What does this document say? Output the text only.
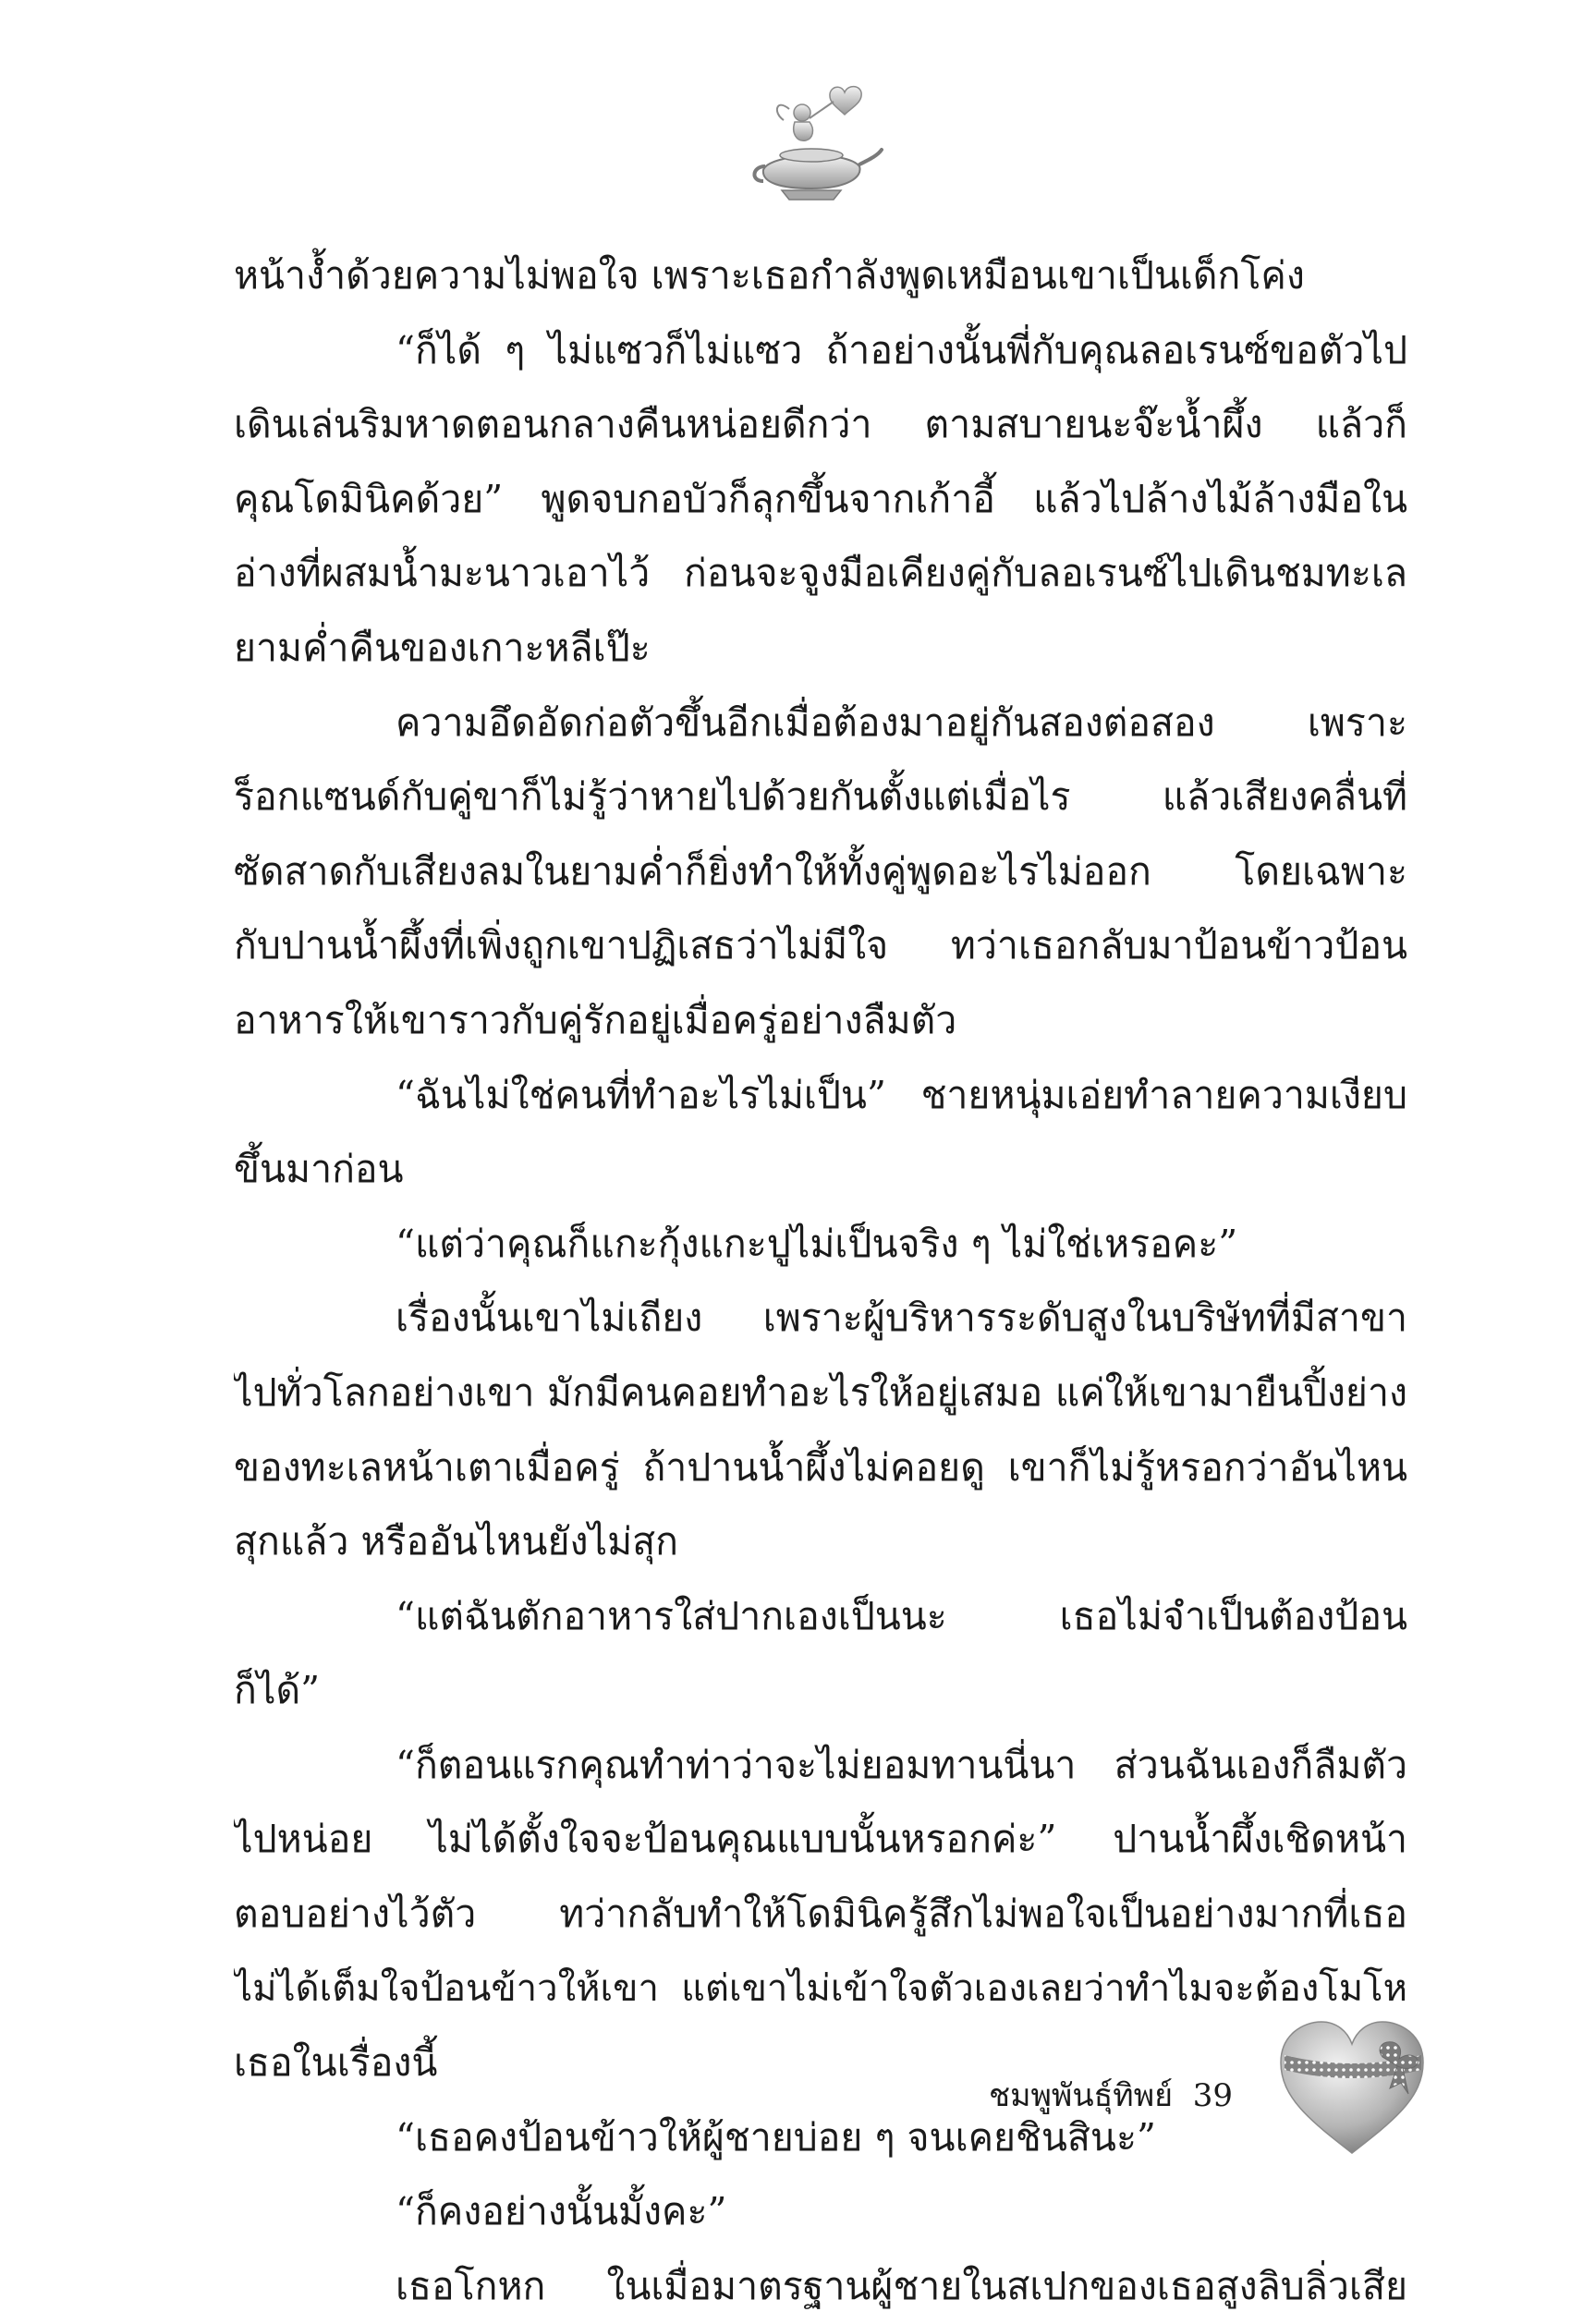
หน้าง้ำด้วยความไม่พอใจ เพราะเธอกำลังพูดเหมือนเขาเป็นเด็กโค่ง
“ก็ได้ ๆ ไม่แซวก็ไม่แซว ถ้าอย่างนั้นพี่กับคุณลอเรนซ์ขอตัวไป
เดินเล่นริมหาดตอนกลางคืนหน่อยดีกว่า ตามสบายนะจ๊ะน้ำผึ้ง แล้วก็
คุณโดมินิคด้วย” พูดจบกอบัวก็ลุกขึ้นจากเก้าอี้ แล้วไปล้างไม้ล้างมือใน
อ่างที่ผสมน้ำมะนาวเอาไว้ ก่อนจะจูงมือเคียงคู่กับลอเรนซ์ไปเดินชมทะเล
ยามค่ำคืนของเกาะหลีเป๊ะ
ความอึดอัดก่อตัวขึ้นอีกเมื่อต้องมาอยู่กันสองต่อสอง เพราะ
ร็อกแซนด์กับคู่ขาก็ไม่รู้ว่าหายไปด้วยกันตั้งแต่เมื่อไร แล้วเสียงคลื่นที่
ซัดสาดกับเสียงลมในยามค่ำก็ยิ่งทำให้ทั้งคู่พูดอะไรไม่ออก โดยเฉพาะ
กับปานน้ำผึ้งที่เพิ่งถูกเขาปฏิเสธว่าไม่มีใจ ทว่าเธอกลับมาป้อนข้าวป้อน
อาหารให้เขาราวกับคู่รักอยู่เมื่อครู่อย่างลืมตัว
“ฉันไม่ใช่คนที่ทำอะไรไม่เป็น” ชายหนุ่มเอ่ยทำลายความเงียบ
ขึ้นมาก่อน
“แต่ว่าคุณก็แกะกุ้งแกะปูไม่เป็นจริง ๆ ไม่ใช่เหรอคะ”
เรื่องนั้นเขาไม่เถียง เพราะผู้บริหารระดับสูงในบริษัทที่มีสาขา
ไปทั่วโลกอย่างเขา มักมีคนคอยทำอะไรให้อยู่เสมอ แค่ให้เขามายืนปิ้งย่าง
ของทะเลหน้าเตาเมื่อครู่ ถ้าปานน้ำผึ้งไม่คอยดู เขาก็ไม่รู้หรอกว่าอันไหน
สุกแล้ว หรืออันไหนยังไม่สุก
“แต่ฉันตักอาหารใส่ปากเองเป็นนะ เธอไม่จำเป็นต้องป้อน
ก็ได้”
“ก็ตอนแรกคุณทำท่าว่าจะไม่ยอมทานนี่นา ส่วนฉันเองก็ลืมตัว
ไปหน่อย ไม่ได้ตั้งใจจะป้อนคุณแบบนั้นหรอกค่ะ” ปานน้ำผึ้งเชิดหน้า
ตอบอย่างไว้ตัว ทว่ากลับทำให้โดมินิครู้สึกไม่พอใจเป็นอย่างมากที่เธอ
ไม่ได้เต็มใจป้อนข้าวให้เขา แต่เขาไม่เข้าใจตัวเองเลยว่าทำไมจะต้องโมโห
เธอในเรื่องนี้
“เธอคงป้อนข้าวให้ผู้ชายบ่อย ๆ จนเคยชินสินะ”
“ก็คงอย่างนั้นมั้งคะ”
เธอโกหก ในเมื่อมาตรฐานผู้ชายในสเปกของเธอสูงลิบลิ่วเสีย
ชมพูพันธุ์ทิพย์ 39
